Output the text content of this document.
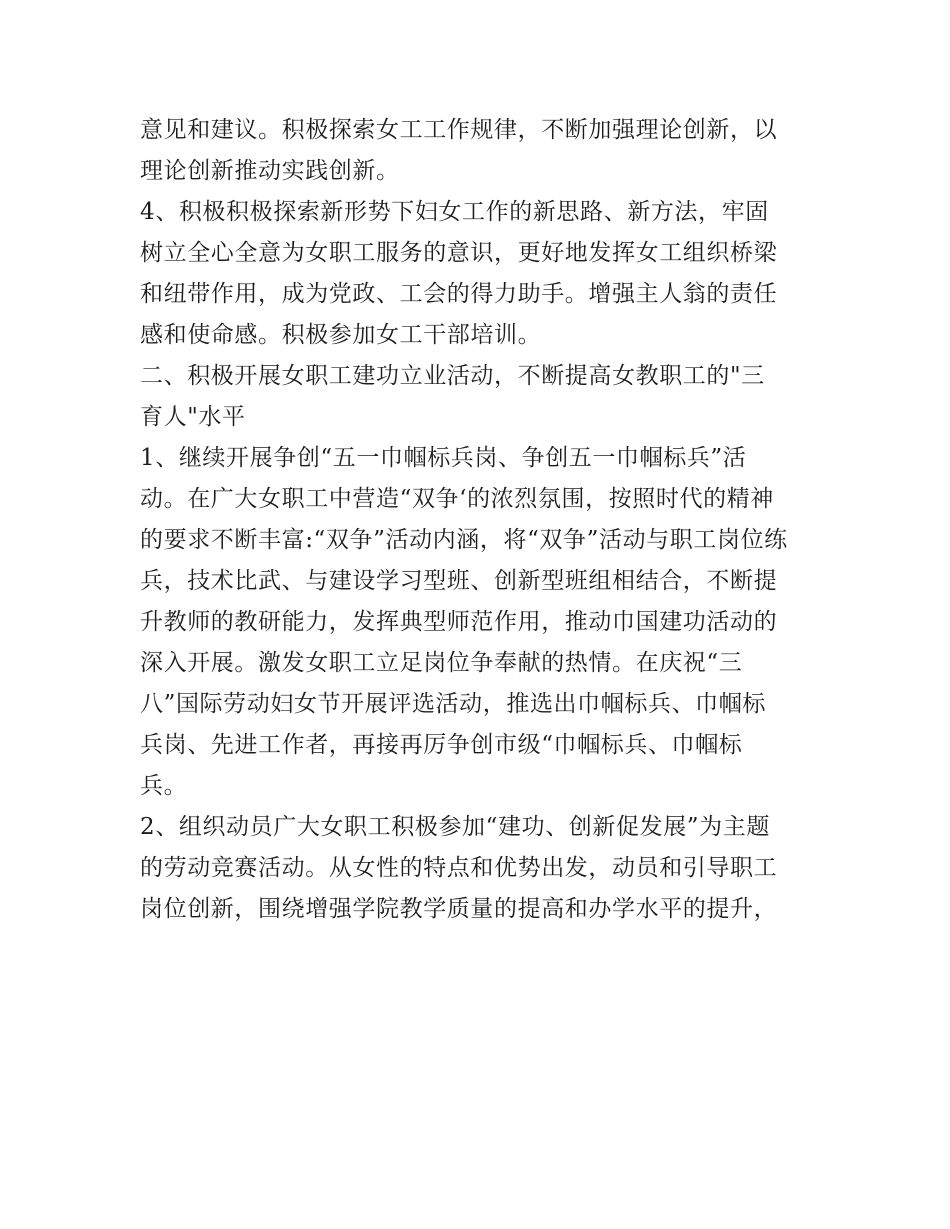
意见和建议。积极探索女工工作规律，不断加强理论创新，以
理论创新推动实践创新。
4、积极积极探索新形势下妇女工作的新思路、新方法，牢固
树立全心全意为女职工服务的意识，更好地发挥女工组织桥梁
和纽带作用，成为党政、工会的得力助手。增强主人翁的责任
感和使命感。积极参加女工干部培训。
二、积极开展女职工建功立业活动，不断提高女教职工的"三
育人"水平
1、继续开展争创“五一巾帼标兵岗、争创五一巾帼标兵”活
动。在广大女职工中营造“双争‘的浓烈氛围，按照时代的精神
的要求不断丰富:“双争”活动内涵，将“双争”活动与职工岗位练
兵，技术比武、与建设学习型班、创新型班组相结合，不断提
升教师的教研能力，发挥典型师范作用，推动巾国建功活动的
深入开展。激发女职工立足岗位争奉献的热情。在庆祝“三
八”国际劳动妇女节开展评选活动，推选出巾帼标兵、巾帼标
兵岗、先进工作者，再接再厉争创市级“巾帼标兵、巾帼标
兵。
2、组织动员广大女职工积极参加“建功、创新促发展”为主题
的劳动竞赛活动。从女性的特点和优势出发，动员和引导职工
岗位创新，围绕增强学院教学质量的提高和办学水平的提升，
